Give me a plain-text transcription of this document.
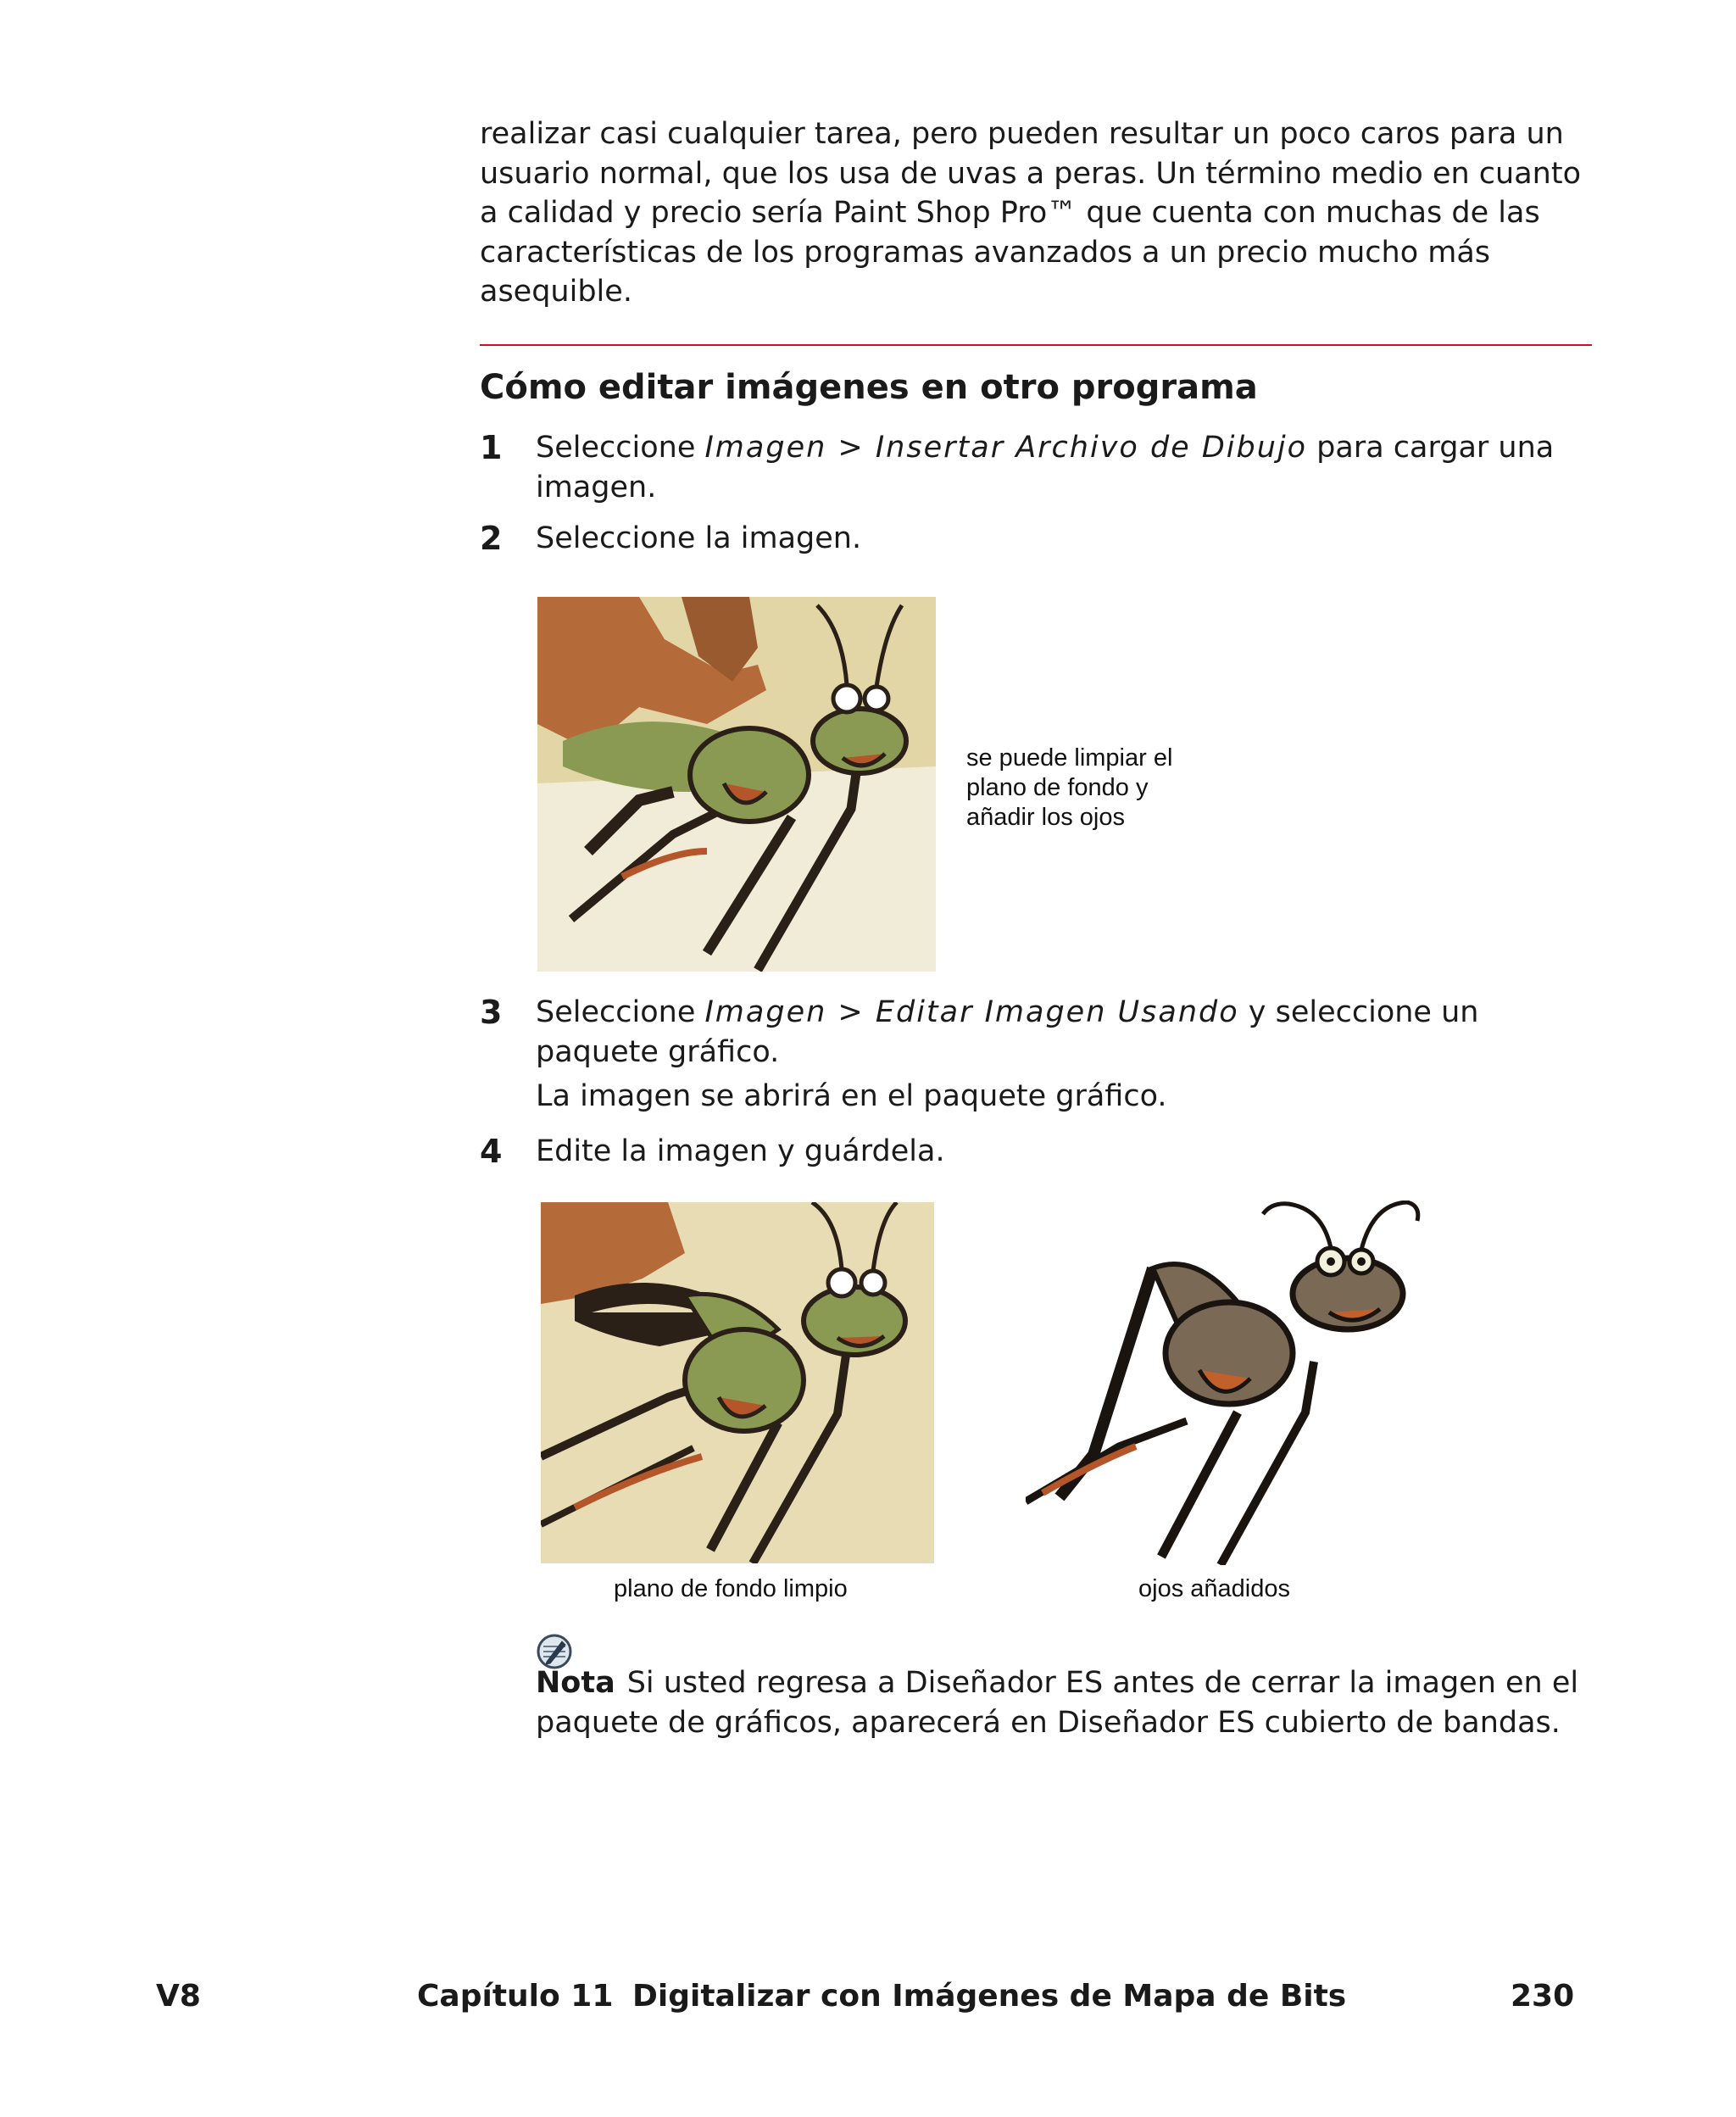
realizar casi cualquier tarea, pero pueden resultar un poco caros para un usuario normal, que los usa de uvas a peras. Un término medio en cuanto a calidad y precio sería Paint Shop Pro™ que cuenta con muchas de las características de los programas avanzados a un precio mucho más asequible.

Cómo editar imágenes en otro programa
1	Seleccione Imagen > Insertar Archivo de Dibujo para cargar una imagen.
2	Seleccione la imagen.
se puede limpiar el
plano de fondo y
añadir los ojos
3	Seleccione Imagen > Editar Imagen Usando y seleccione un paquete gráfico.
La imagen se abrirá en el paquete gráfico.
4	Edite la imagen y guárdela.
plano de fondo limpio	ojos añadidos
Nota Si usted regresa a Diseñador ES antes de cerrar la imagen en el paquete de gráficos, aparecerá en Diseñador ES cubierto de bandas.
V8	Capítulo 11 Digitalizar con Imágenes de Mapa de Bits	230
